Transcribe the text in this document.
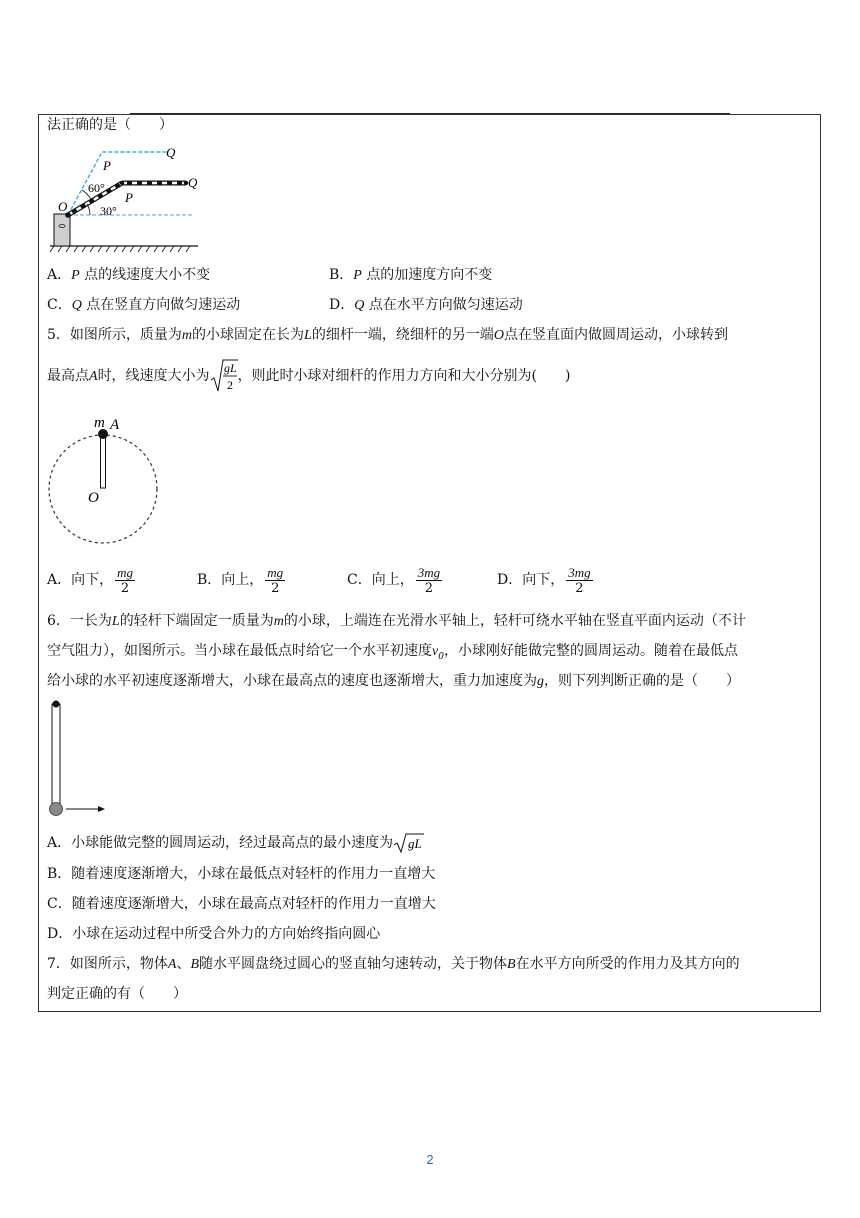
法正确的是（　　）
Q
Q
P
P
O
60°
30°
A．P 点的线速度大小不变	B．P 点的加速度方向不变
C．Q 点在竖直方向做匀速运动	D．Q 点在水平方向做匀速运动
5．如图所示，质量为m的小球固定在长为L的细杆一端，绕细杆的另一端O点在竖直面内做圆周运动，小球转到
最高点A时，线速度大小为 gL
2
，则此时小球对细杆的作用力方向和大小分别为(　　)
m A
O
A．向下， $\frac{mg}{2}$	B．向上， $\frac{mg}{2}$	C．向上， $\frac{3mg}{2}$	D．向下， $\frac{3mg}{2}$
6．一长为L的轻杆下端固定一质量为m的小球，上端连在光滑水平轴上，轻杆可绕水平轴在竖直平面内运动（不计
空气阻力），如图所示。当小球在最低点时给它一个水平初速度$v_0$，小球刚好能做完整的圆周运动。随着在最低点
给小球的水平初速度逐渐增大，小球在最高点的速度也逐渐增大，重力加速度为g，则下列判断正确的是（　　）
A．小球能做完整的圆周运动，经过最高点的最小速度为 gL
B．随着速度逐渐增大，小球在最低点对轻杆的作用力一直增大
C．随着速度逐渐增大，小球在最高点对轻杆的作用力一直增大
D．小球在运动过程中所受合外力的方向始终指向圆心
7．如图所示，物体A、B随水平圆盘绕过圆心的竖直轴匀速转动，关于物体B在水平方向所受的作用力及其方向的
判定正确的有（　　）
2
